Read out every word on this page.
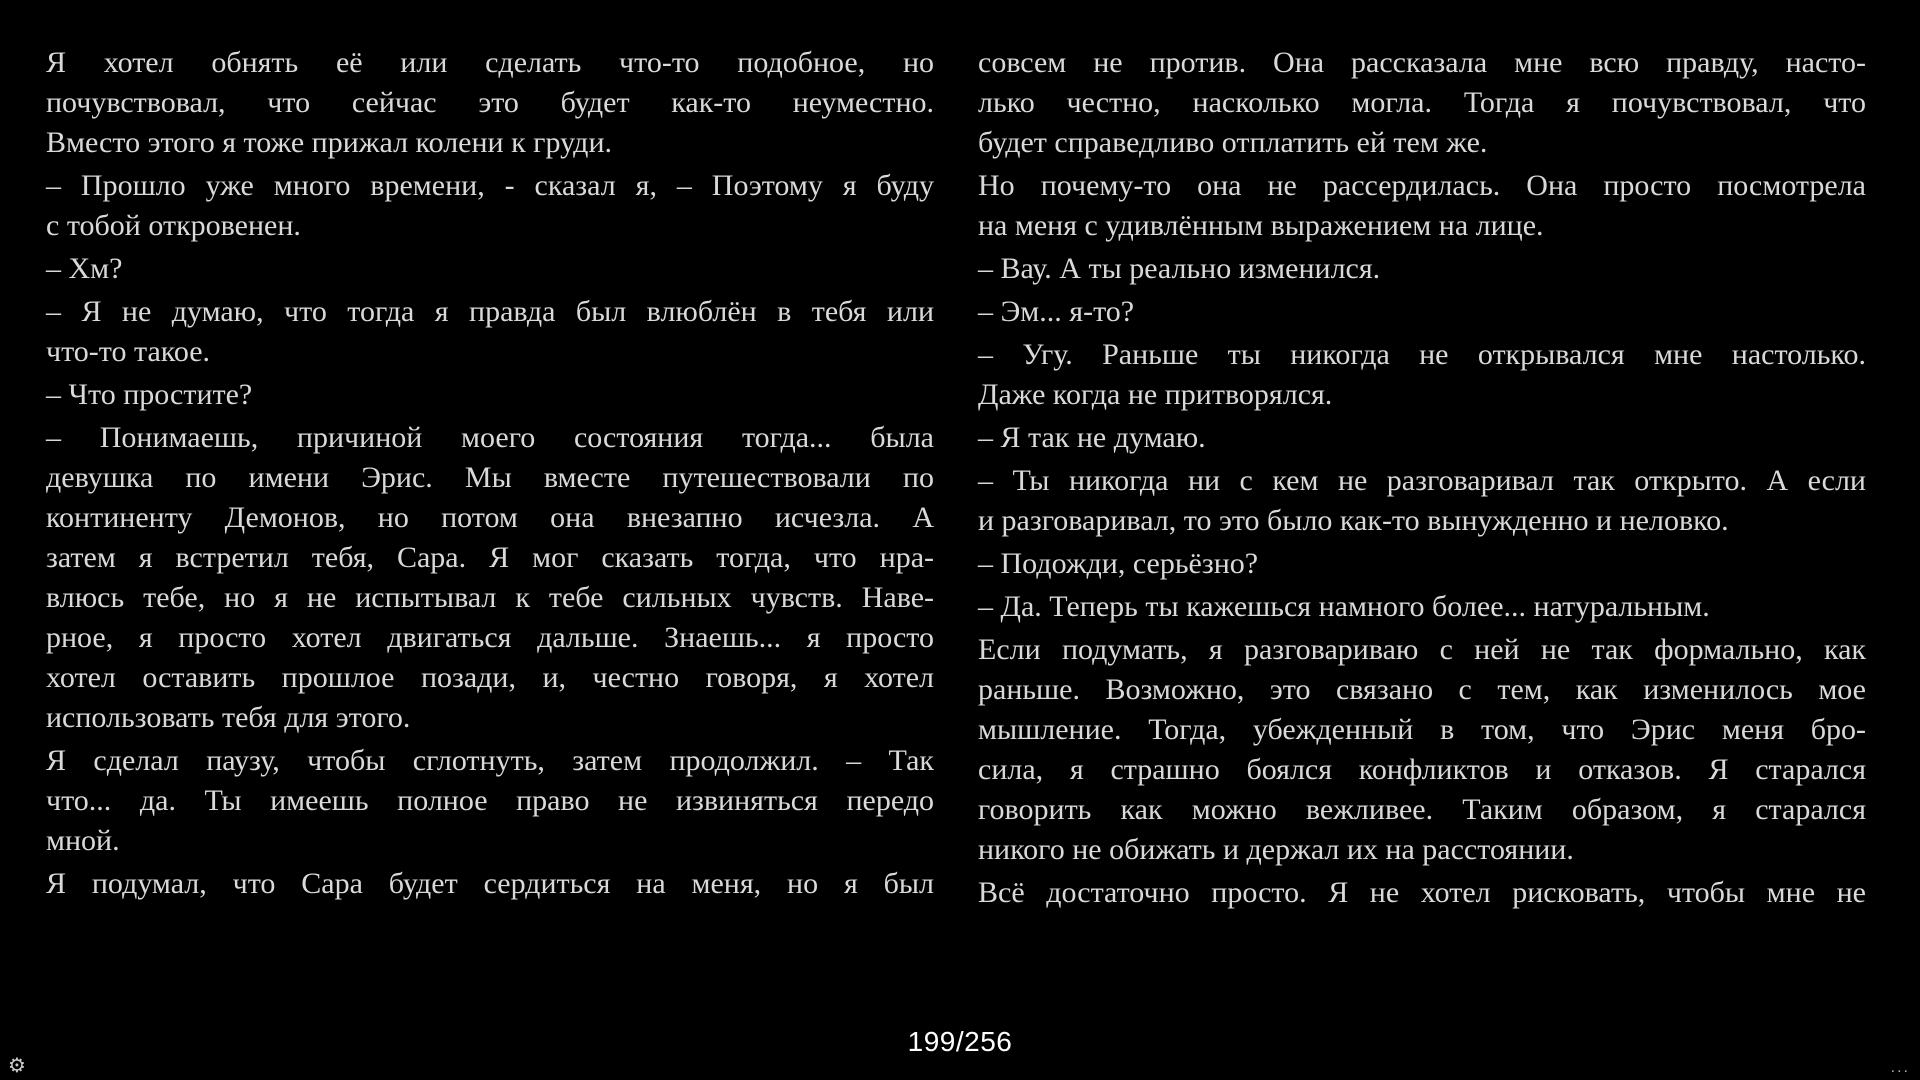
Я хотел обнять её или сделать что-то подобное, но
почувствовал, что сейчас это будет как-то неуместно.
Вместо этого я тоже прижал колени к груди.

– Прошло уже много времени, - сказал я, – Поэтому я буду
с тобой откровенен.

– Хм?

– Я не думаю, что тогда я правда был влюблён в тебя или
что-то такое.

– Что простите?

– Понимаешь, причиной моего состояния тогда... была
девушка по имени Эрис. Мы вместе путешествовали по
континенту Демонов, но потом она внезапно исчезла. А
затем я встретил тебя, Сара. Я мог сказать тогда, что нра-
влюсь тебе, но я не испытывал к тебе сильных чувств. Наве-
рное, я просто хотел двигаться дальше. Знаешь... я просто
хотел оставить прошлое позади, и, честно говоря, я хотел
использовать тебя для этого.

Я сделал паузу, чтобы сглотнуть, затем продолжил. – Так
что... да. Ты имеешь полное право не извиняться передо
мной.

Я подумал, что Сара будет сердиться на меня, но я был

совсем не против. Она рассказала мне всю правду, насто-
лько честно, насколько могла. Тогда я почувствовал, что
будет справедливо отплатить ей тем же.

Но почему-то она не рассердилась. Она просто посмотрела
на меня с удивлённым выражением на лице.

– Вау. А ты реально изменился.

– Эм... я-то?

– Угу. Раньше ты никогда не открывался мне настолько.
Даже когда не притворялся.

– Я так не думаю.

– Ты никогда ни с кем не разговаривал так открыто. А если
и разговаривал, то это было как-то вынужденно и неловко.

– Подожди, серьёзно?

– Да. Теперь ты кажешься намного более... натуральным.

Если подумать, я разговариваю с ней не так формально, как
раньше. Возможно, это связано с тем, как изменилось мое
мышление. Тогда, убежденный в том, что Эрис меня бро-
сила, я страшно боялся конфликтов и отказов. Я старался
говорить как можно вежливее. Таким образом, я старался
никого не обижать и держал их на расстоянии.

Всё достаточно просто. Я не хотел рисковать, чтобы мне не

⚙
199/256
...
